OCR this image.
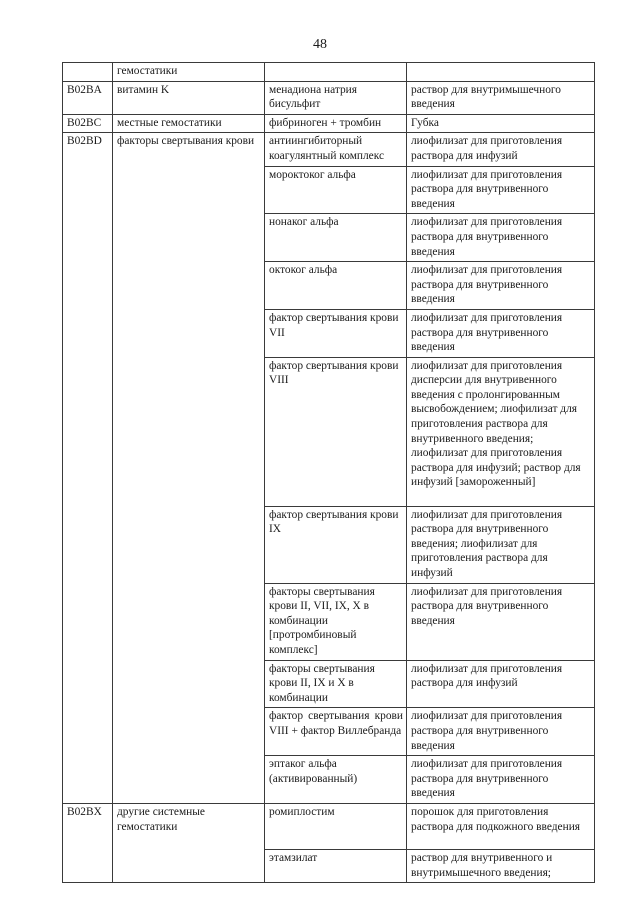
48
	гемостатики		
B02BA	витамин K	менадиона натрия бисульфит	раствор для внутримышечного введения
B02BC	местные гемостатики	фибриноген + тромбин	Губка
B02BD	факторы свертывания крови	антиингибиторный коагулянтный комплекс	лиофилизат для приготовления раствора для инфузий
		мороктоког альфа	лиофилизат для приготовления раствора для внутривенного введения
		нонаког альфа	лиофилизат для приготовления раствора для внутривенного введения
		октоког альфа	лиофилизат для приготовления раствора для внутривенного введения
		фактор свертывания крови VII	лиофилизат для приготовления раствора для внутривенного введения
		фактор свертывания крови VIII	лиофилизат для приготовления дисперсии для внутривенного введения с пролонгированным высвобождением; лиофилизат для приготовления раствора для внутривенного введения; лиофилизат для приготовления раствора для инфузий; раствор для инфузий [замороженный]
		фактор свертывания крови IX	лиофилизат для приготовления раствора для внутривенного введения; лиофилизат для приготовления раствора для инфузий
		факторы свертывания крови II, VII, IX, X в комбинации [протромбиновый комплекс]	лиофилизат для приготовления раствора для внутривенного введения
		факторы свертывания крови II, IX и X в комбинации	лиофилизат для приготовления раствора для инфузий
		фактор свертывания крови VIII + фактор Виллебранда	лиофилизат для приготовления раствора для внутривенного введения
		эптаког альфа (активированный)	лиофилизат для приготовления раствора для внутривенного введения
B02BX	другие системные гемостатики	ромиплостим	порошок для приготовления раствора для подкожного введения
		этамзилат	раствор для внутривенного и внутримышечного введения;
